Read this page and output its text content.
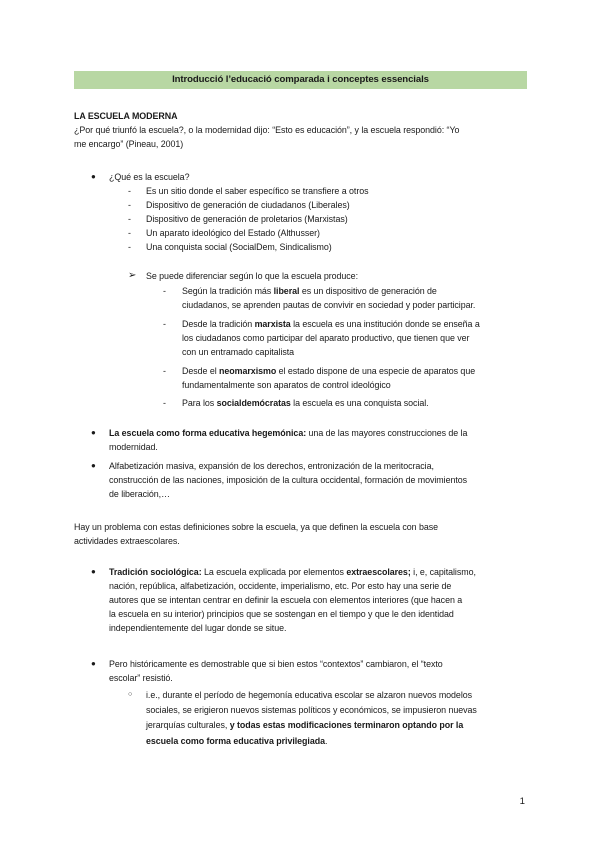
Introducció l’educació comparada i conceptes essencials
LA ESCUELA MODERNA
¿Por qué triunfó la escuela?, o la modernidad dijo: “Esto es educación”, y la escuela respondió: “Yo
me encargo” (Pineau, 2001)
● ¿Qué es la escuela?
- Es un sitio donde el saber específico se transfiere a otros
- Dispositivo de generación de ciudadanos (Liberales)
- Dispositivo de generación de proletarios (Marxistas)
- Un aparato ideológico del Estado (Althusser)
- Una conquista social (SocialDem, Sindicalismo)
➢ Se puede diferenciar según lo que la escuela produce:
- Según la tradición más liberal es un dispositivo de generación de
ciudadanos, se aprenden pautas de convivir en sociedad y poder participar.
- Desde la tradición marxista la escuela es una institución donde se enseña a
los ciudadanos como participar del aparato productivo, que tienen que ver
con un entramado capitalista
- Desde el neomarxismo el estado dispone de una especie de aparatos que
fundamentalmente son aparatos de control ideológico
- Para los socialdemócratas la escuela es una conquista social.
● La escuela como forma educativa hegemónica: una de las mayores construcciones de la
modernidad.
● Alfabetización masiva, expansión de los derechos, entronización de la meritocracia,
construcción de las naciones, imposición de la cultura occidental, formación de movimientos
de liberación,…
Hay un problema con estas definiciones sobre la escuela, ya que definen la escuela con base
actividades extraescolares.
● Tradición sociológica: La escuela explicada por elementos extraescolares; i, e, capitalismo,
nación, república, alfabetización, occidente, imperialismo, etc. Por esto hay una serie de
autores que se intentan centrar en definir la escuela con elementos interiores (que hacen a
la escuela en su interior) principios que se sostengan en el tiempo y que le den identidad
independientemente del lugar donde se situe.
● Pero históricamente es demostrable que si bien estos “contextos” cambiaron, el “texto
escolar” resistió.
○ i.e., durante el período de hegemonía educativa escolar se alzaron nuevos modelos
sociales, se erigieron nuevos sistemas políticos y económicos, se impusieron nuevas
jerarquías culturales, y todas estas modificaciones terminaron optando por la
escuela como forma educativa privilegiada.
1
